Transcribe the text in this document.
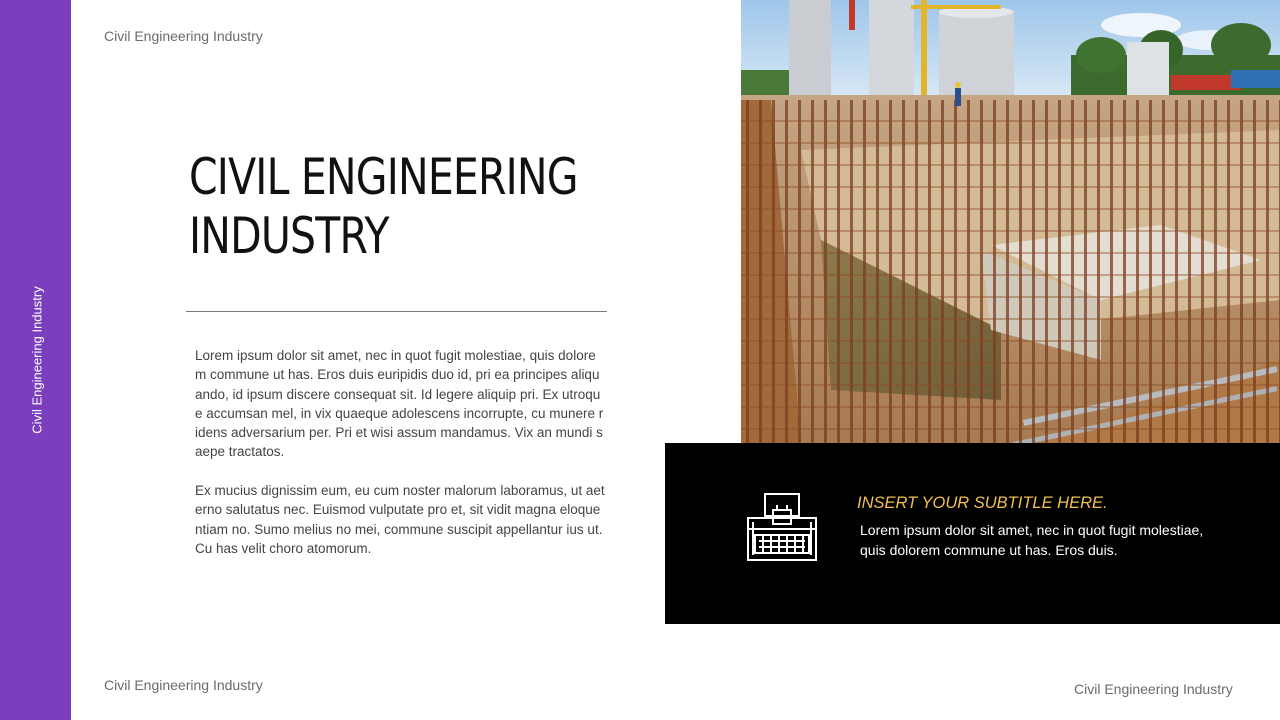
Civil Engineering Industry
Civil Engineering Industry
CIVIL ENGINEERING
INDUSTRY
Lorem ipsum dolor sit amet, nec in quot fugit molestiae, quis dolorem commune ut has. Eros duis euripidis duo id, pri ea principes aliquando, id ipsum discere consequat sit. Id legere aliquip pri. Ex utroque accumsan mel, in vix quaeque adolescens incorrupte, cu munere ridens adversarium per. Pri et wisi assum mandamus. Vix an mundi saepe tractatos.
Ex mucius dignissim eum, eu cum noster malorum laboramus, ut aeterno salutatus nec. Euismod vulputate pro et, sit vidit magna eloquentiam no. Sumo melius no mei, commune suscipit appellantur ius ut. Cu has velit choro atomorum.
INSERT YOUR SUBTITLE HERE.
Lorem ipsum dolor sit amet, nec in quot fugit molestiae, quis dolorem commune ut has. Eros duis.
Civil Engineering Industry	Civil Engineering Industry
